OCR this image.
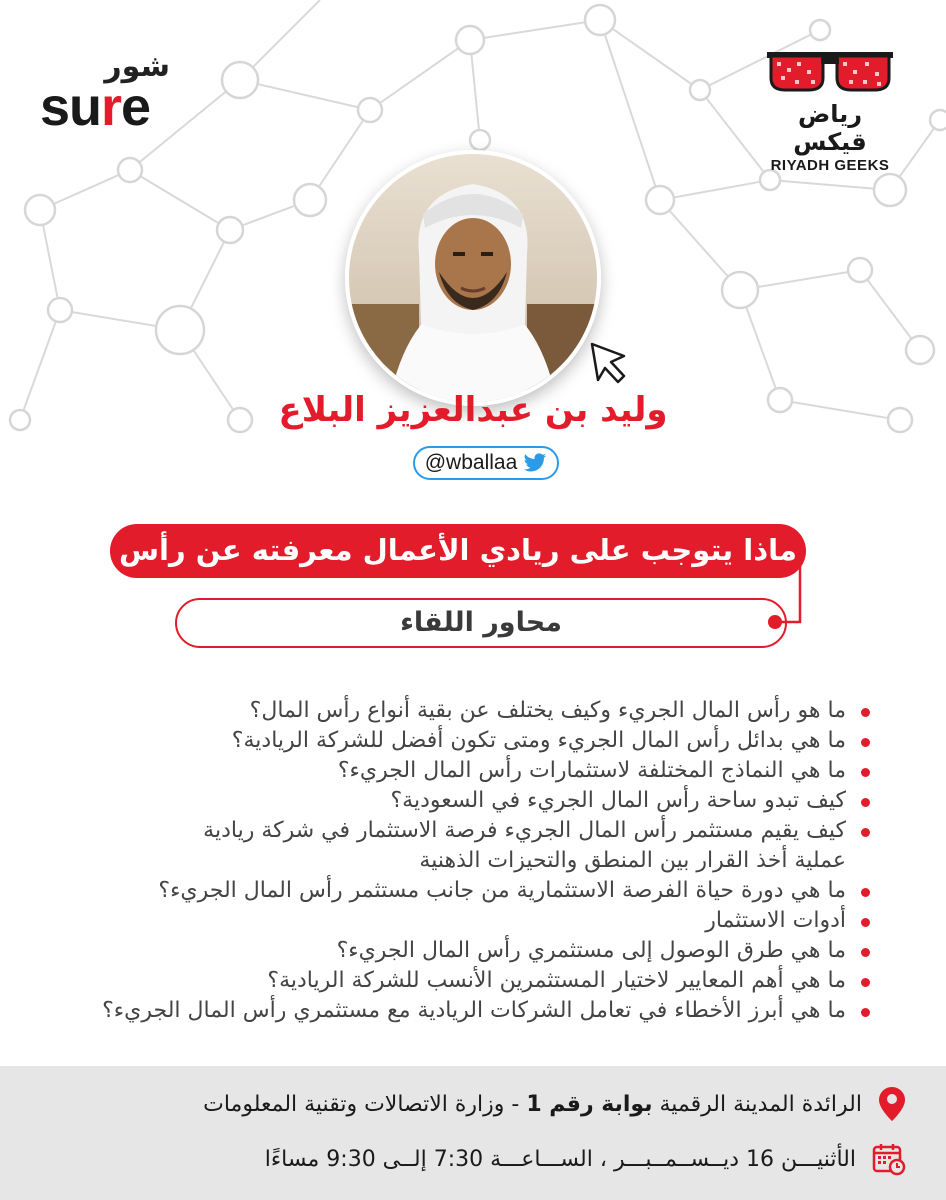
شور
sure	رياض قيكس
RIYADH GEEKS
وليد بن عبدالعزيز البلاع
@wballaa
ماذا يتوجب على ريادي الأعمال معرفته عن رأس المال الجريء
محاور اللقاء
ما هو رأس المال الجريء وكيف يختلف عن بقية أنواع رأس المال؟
ما هي بدائل رأس المال الجريء ومتى تكون أفضل للشركة الريادية؟
ما هي النماذج المختلفة لاستثمارات رأس المال الجريء؟
كيف تبدو ساحة رأس المال الجريء في السعودية؟
كيف يقيم مستثمر رأس المال الجريء فرصة الاستثمار في شركة ريادية
عملية أخذ القرار بين المنطق والتحيزات الذهنية
ما هي دورة حياة الفرصة الاستثمارية من جانب مستثمر رأس المال الجريء؟
أدوات الاستثمار
ما هي طرق الوصول إلى مستثمري رأس المال الجريء؟
ما هي أهم المعايير لاختيار المستثمرين الأنسب للشركة الريادية؟
ما هي أبرز الأخطاء في تعامل الشركات الريادية مع مستثمري رأس المال الجريء؟
الرائدة المدينة الرقمية بوابة رقم 1 - وزارة الاتصالات وتقنية المعلومات
الأثنيـــن 16 ديــســمــبـــر ، الســـاعـــة 7:30 إلــى 9:30 مساءًا
